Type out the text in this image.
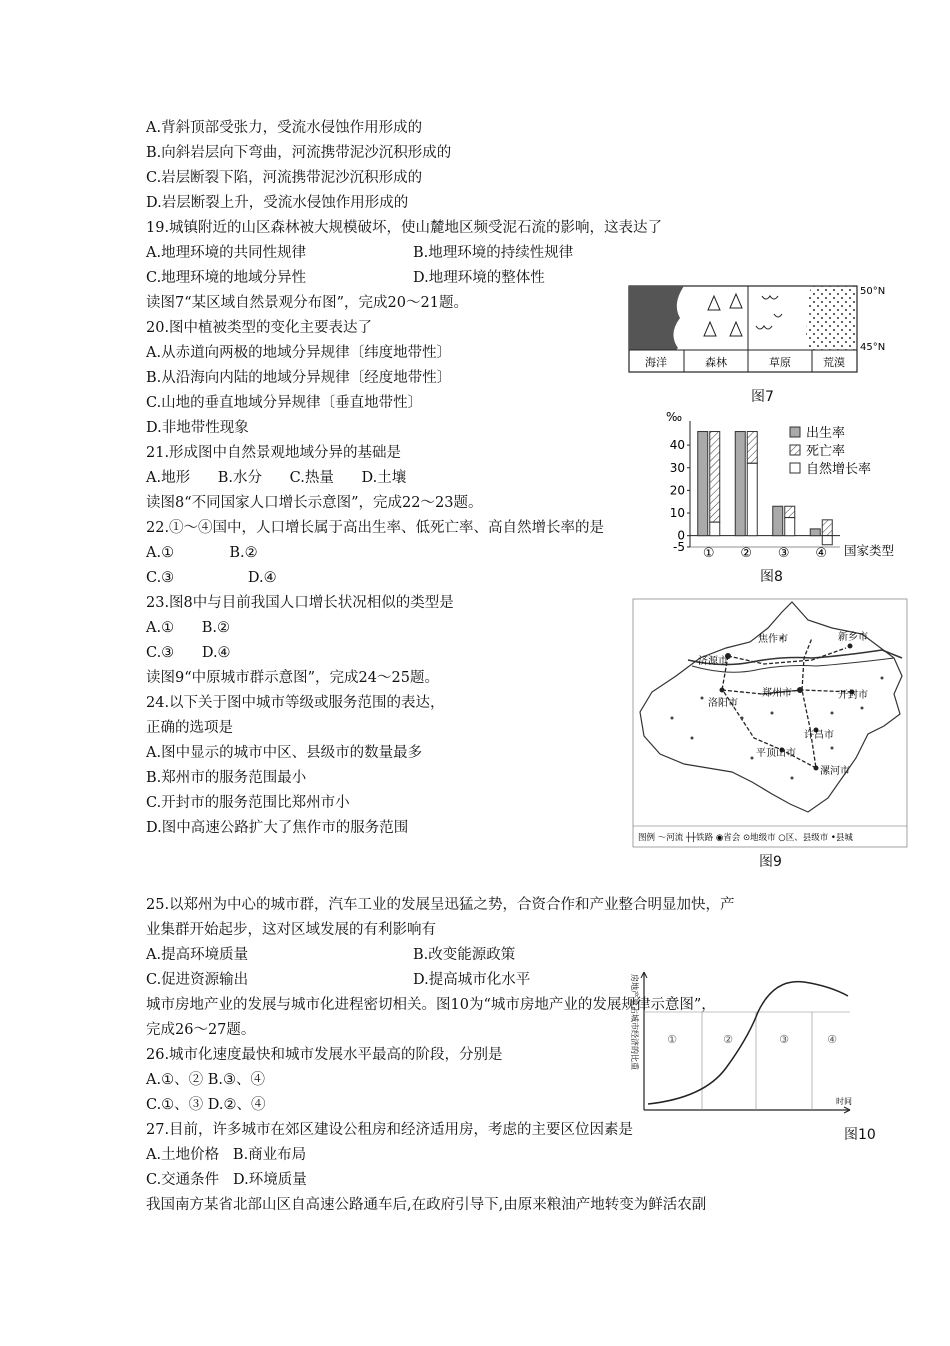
A.背斜顶部受张力，受流水侵蚀作用形成的
B.向斜岩层向下弯曲，河流携带泥沙沉积形成的
C.岩层断裂下陷，河流携带泥沙沉积形成的
D.岩层断裂上升，受流水侵蚀作用形成的
19.城镇附近的山区森林被大规模破坏，使山麓地区频受泥石流的影响，这表达了
A.地理环境的共同性规律	B.地理环境的持续性规律
C.地理环境的地域分异性	D.地理环境的整体性
读图7“某区域自然景观分布图”，完成20～21题。
20.图中植被类型的变化主要表达了
A.从赤道向两极的地域分异规律〔纬度地带性〕
B.从沿海向内陆的地域分异规律〔经度地带性〕
C.山地的垂直地域分异规律〔垂直地带性〕
D.非地带性现象
21.形成图中自然景观地域分异的基础是
A.地形      B.水分      C.热量      D.土壤
读图8“不同国家人口增长示意图”，完成22～23题。
22.①～④国中，人口增长属于高出生率、低死亡率、高自然增长率的是
A.①            B.②
C.③                D.④
23.图8中与目前我国人口增长状况相似的类型是
A.①      B.②
C.③      D.④
读图9“中原城市群示意图”，完成24～25题。
24.以下关于图中城市等级或服务范围的表达，
正确的选项是
A.图中显示的城市中区、县级市的数量最多
B.郑州市的服务范围最小
C.开封市的服务范围比郑州市小
D.图中高速公路扩大了焦作市的服务范围
25.以郑州为中心的城市群，汽车工业的发展呈迅猛之势，合资合作和产业整合明显加快，产
业集群开始起步，这对区域发展的有利影响有
A.提高环境质量	B.改变能源政策
C.促进资源输出	D.提高城市化水平
城市房地产业的发展与城市化进程密切相关。图10为“城市房地产业的发展规律示意图”，
完成26～27题。
26.城市化速度最快和城市发展水平最高的阶段，分别是
A.①、② B.③、④
C.①、③ D.②、④
27.目前，许多城市在郊区建设公租房和经济适用房，考虑的主要区位因素是
A.土地价格   B.商业布局
C.交通条件   D.环境质量
我国南方某省北部山区自高速公路通车后,在政府引导下,由原来粮油产地转变为鲜活农副
50°N
45°N
海洋	森林	草原	荒漠
图7
‰
-5
0
10
20
30
40
① ② ③ ④ 国家类型
出生率
死亡率
自然增长率
图8
焦作市	新乡市
济源市
洛阳市
郑州市	开封市
许昌市
平顶山市
漯河市
图例 ～河流 ┼┼铁路 ◉省会 ⊙地级市 ○区、县级市 •县城
图9
房地产业占城市经济的比重	①	②	③	④
时间
图10
